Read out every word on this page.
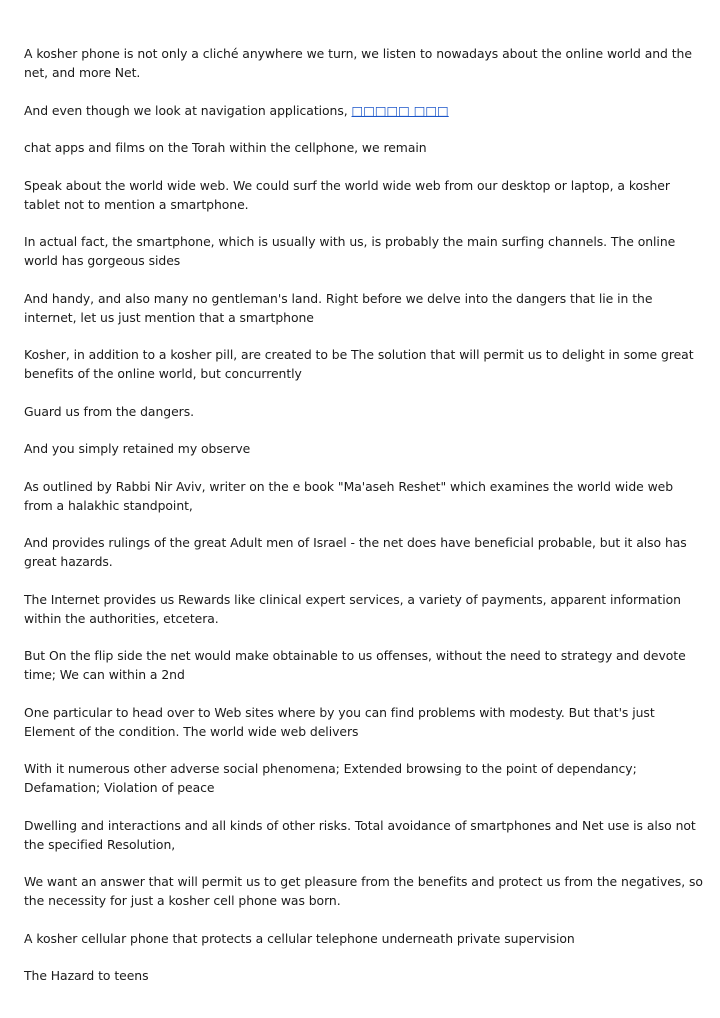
A kosher phone is not only a cliché anywhere we turn, we listen to nowadays about the online world and the net, and more Net.

And even though we look at navigation applications, □□□□□ □□□

chat apps and films on the Torah within the cellphone, we remain

Speak about the world wide web. We could surf the world wide web from our desktop or laptop, a kosher tablet not to mention a smartphone.

In actual fact, the smartphone, which is usually with us, is probably the main surfing channels. The online world has gorgeous sides

And handy, and also many no gentleman's land. Right before we delve into the dangers that lie in the internet, let us just mention that a smartphone

Kosher, in addition to a kosher pill, are created to be The solution that will permit us to delight in some great benefits of the online world, but concurrently

Guard us from the dangers.

And you simply retained my observe

As outlined by Rabbi Nir Aviv, writer on the e book "Ma'aseh Reshet" which examines the world wide web from a halakhic standpoint,

And provides rulings of the great Adult men of Israel - the net does have beneficial probable, but it also has great hazards.

The Internet provides us Rewards like clinical expert services, a variety of payments, apparent information within the authorities, etcetera.

But On the flip side the net would make obtainable to us offenses, without the need to strategy and devote time; We can within a 2nd

One particular to head over to Web sites where by you can find problems with modesty. But that's just Element of the condition. The world wide web delivers

With it numerous other adverse social phenomena; Extended browsing to the point of dependancy; Defamation; Violation of peace

Dwelling and interactions and all kinds of other risks. Total avoidance of smartphones and Net use is also not the specified Resolution,

We want an answer that will permit us to get pleasure from the benefits and protect us from the negatives, so the necessity for just a kosher cell phone was born.

A kosher cellular phone that protects a cellular telephone underneath private supervision

The Hazard to teens
